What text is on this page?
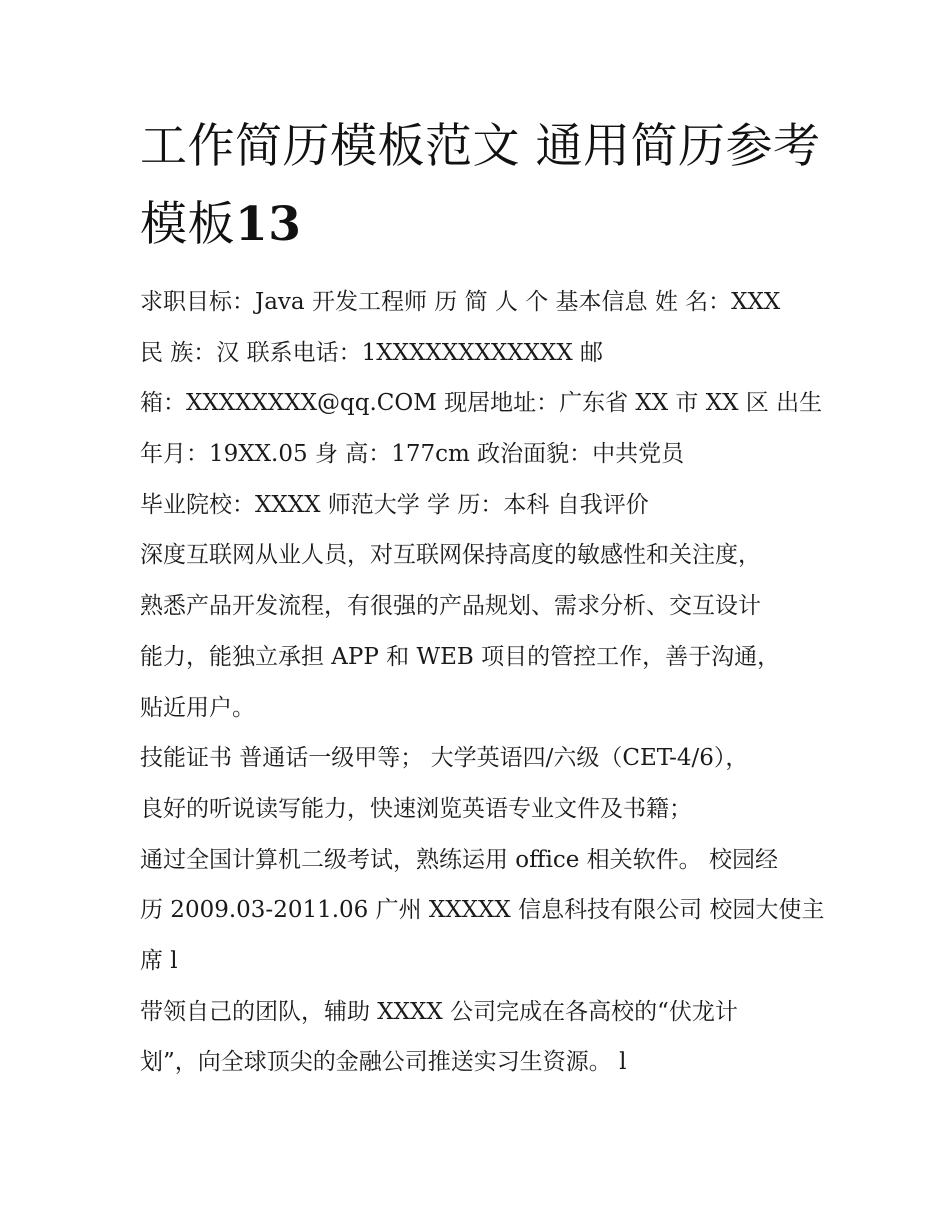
工作简历模板范文 通用简历参考模板13
求职目标：Java 开发工程师 历 简 人 个 基本信息 姓 名：XXX
民 族：汉 联系电话：1XXXXXXXXXXXX 邮
箱：XXXXXXXX@qq.COM 现居地址：广东省 XX 市 XX 区 出生
年月：19XX.05 身 高：177cm 政治面貌：中共党员
毕业院校：XXXX 师范大学 学 历：本科 自我评价
深度互联网从业人员，对互联网保持高度的敏感性和关注度，
熟悉产品开发流程，有很强的产品规划、需求分析、交互设计
能力，能独立承担 APP 和 WEB 项目的管控工作，善于沟通，
贴近用户。
技能证书 普通话一级甲等； 大学英语四/六级（CET-4/6），
良好的听说读写能力，快速浏览英语专业文件及书籍；
通过全国计算机二级考试，熟练运用 office 相关软件。 校园经
历 2009.03-2011.06 广州 XXXXX 信息科技有限公司 校园大使主
席 l
带领自己的团队，辅助 XXXX 公司完成在各高校的“伏龙计
划”，向全球顶尖的金融公司推送实习生资源。 l
